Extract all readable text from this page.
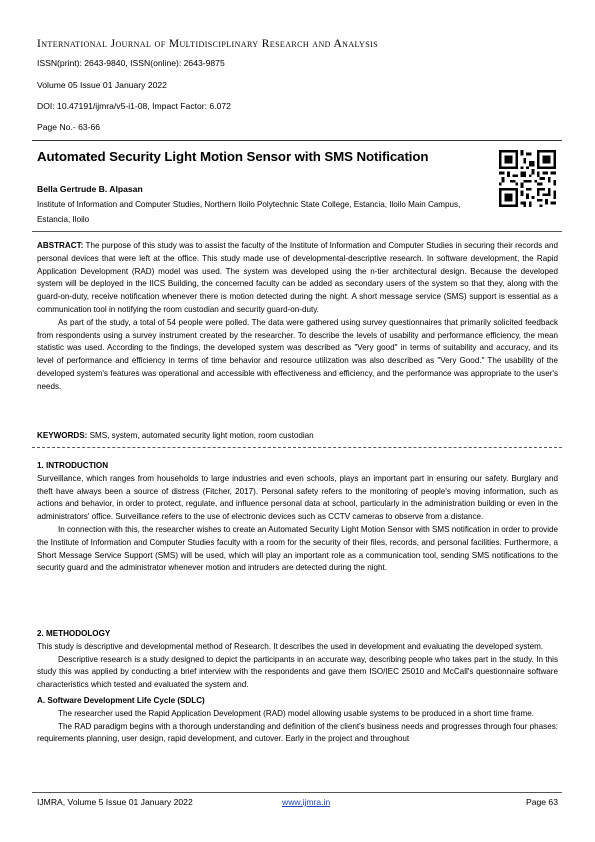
International Journal of Multidisciplinary Research and Analysis
ISSN(print): 2643-9840, ISSN(online): 2643-9875
Volume 05 Issue 01 January 2022
DOI: 10.47191/ijmra/v5-i1-08, Impact Factor: 6.072
Page No.- 63-66
Automated Security Light Motion Sensor with SMS Notification
Bella Gertrude B. Alpasan
Institute of Information and Computer Studies, Northern Iloilo Polytechnic State College, Estancia, Iloilo Main Campus, Estancia, Iloilo

ABSTRACT: The purpose of this study was to assist the faculty of the Institute of Information and Computer Studies in securing their records and personal devices that were left at the office. This study made use of developmental-descriptive research. In software development, the Rapid Application Development (RAD) model was used. The system was developed using the n-tier architectural design. Because the developed system will be deployed in the IICS Building, the concerned faculty can be added as secondary users of the system so that they, along with the guard-on-duty, receive notification whenever there is motion detected during the night. A short message service (SMS) support is essential as a communication tool in notifying the room custodian and security guard-on-duty.

As part of the study, a total of 54 people were polled. The data were gathered using survey questionnaires that primarily solicited feedback from respondents using a survey instrument created by the researcher. To describe the levels of usability and performance efficiency, the mean statistic was used. According to the findings, the developed system was described as "Very good" in terms of suitability and accuracy, and its level of performance and efficiency in terms of time behavior and resource utilization was also described as "Very Good." The usability of the developed system's features was operational and accessible with effectiveness and efficiency, and the performance was appropriate to the user's needs.

KEYWORDS: SMS, system, automated security light motion, room custodian

1. INTRODUCTION

Surveillance, which ranges from households to large industries and even schools, plays an important part in ensuring our safety. Burglary and theft have always been a source of distress (Fitcher, 2017). Personal safety refers to the monitoring of people's moving information, such as actions and behavior, in order to protect, regulate, and influence personal data at school, particularly in the administration building or even in the administrators' office. Surveillance refers to the use of electronic devices such as CCTV cameras to observe from a distance.

In connection with this, the researcher wishes to create an Automated Security Light Motion Sensor with SMS notification in order to provide the Institute of Information and Computer Studies faculty with a room for the security of their files, records, and personal facilities. Furthermore, a Short Message Service Support (SMS) will be used, which will play an important role as a communication tool, sending SMS notifications to the security guard and the administrator whenever motion and intruders are detected during the night.

2. METHODOLOGY

This study is descriptive and developmental method of Research. It describes the used in development and evaluating the developed system.

Descriptive research is a study designed to depict the participants in an accurate way, describing people who takes part in the study. In this study this was applied by conducting a brief interview with the respondents and gave them ISO/IEC 25010 and McCall's questionnaire software characteristics which tested and evaluated the system and.

A. Software Development Life Cycle (SDLC)

The researcher used the Rapid Application Development (RAD) model allowing usable systems to be produced in a short time frame.

The RAD paradigm begins with a thorough understanding and definition of the client's business needs and progresses through four phases: requirements planning, user design, rapid development, and cutover. Early in the project and throughout

IJMRA, Volume 5 Issue 01 January 2022	www.ijmra.in	Page 63
